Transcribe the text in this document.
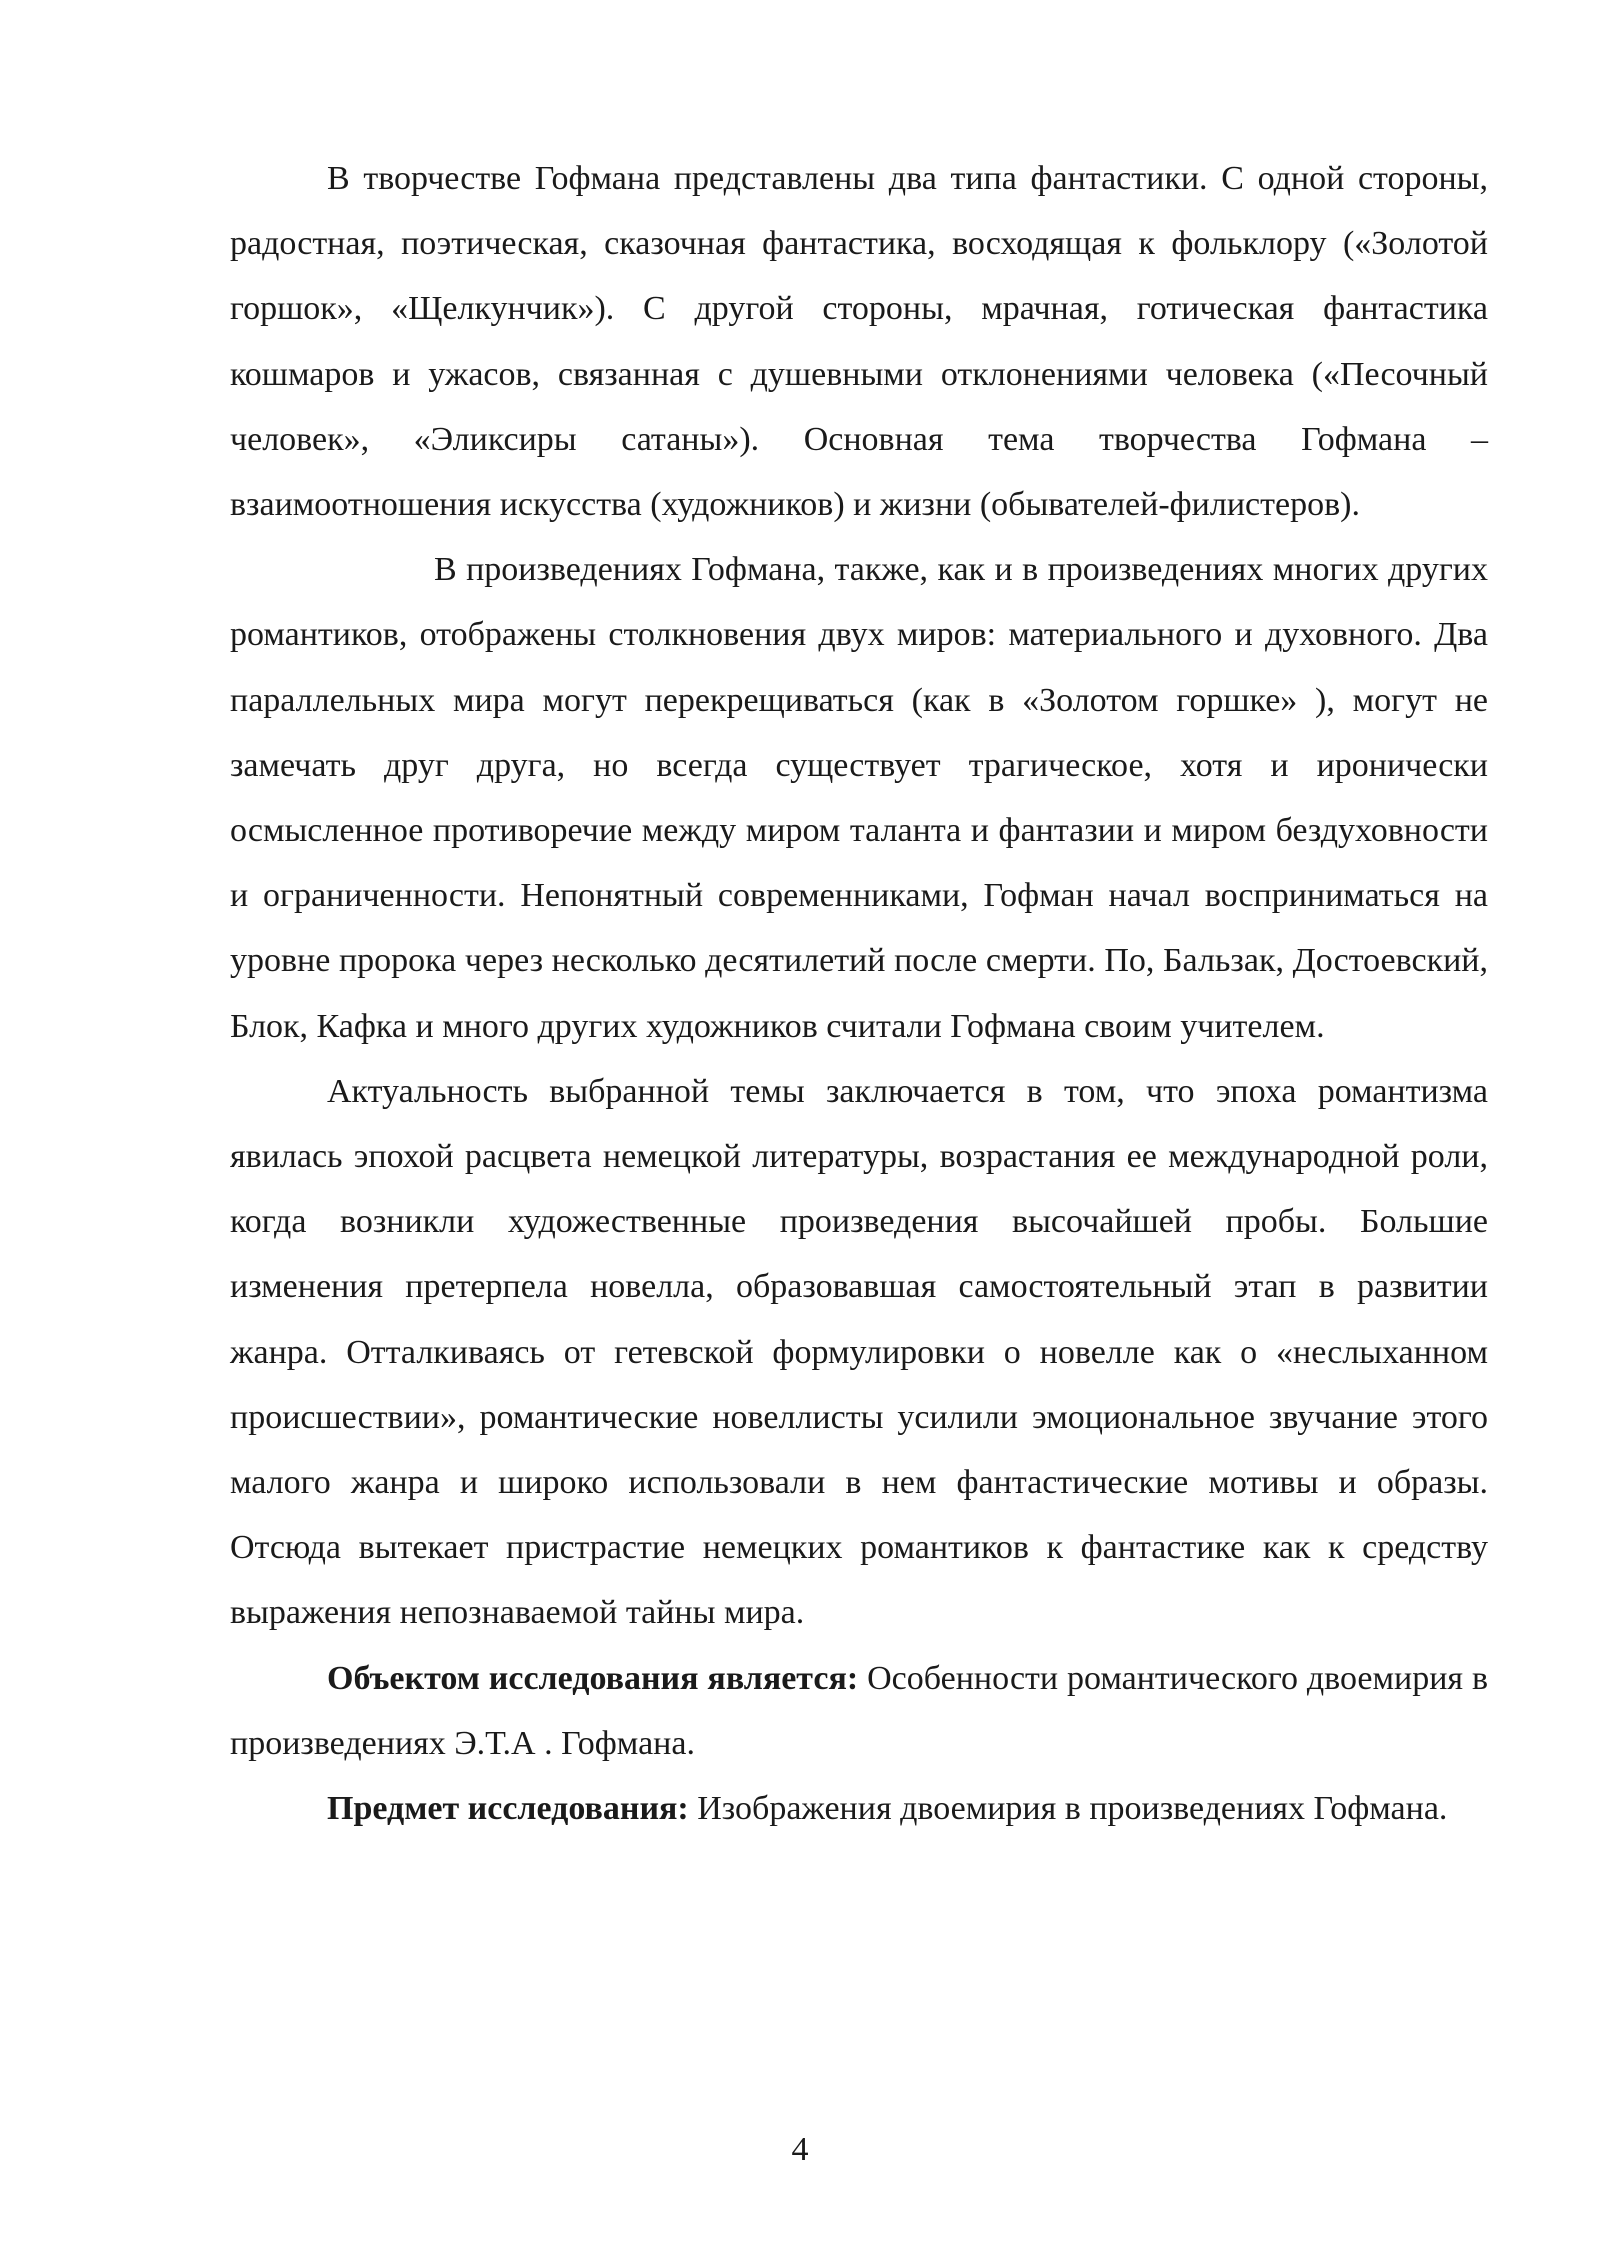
В творчестве Гофмана представлены два типа фантастики. С одной стороны, радостная, поэтическая, сказочная фантастика, восходящая к фольклору («Золотой горшок», «Щелкунчик»). С другой стороны, мрачная, готическая фантастика кошмаров и ужасов, связанная с душевными отклонениями человека («Песочный человек», «Эликсиры сатаны»). Основная тема творчества Гофмана – взаимоотношения искусства (художников) и жизни (обывателей-филистеров).

В произведениях Гофмана, также, как и в произведениях многих других романтиков, отображены столкновения двух миров: материального и духовного. Два параллельных мира могут перекрещиваться (как в «Золотом горшке» ), могут не замечать друг друга, но всегда существует трагическое, хотя и иронически осмысленное противоречие между миром таланта и фантазии и миром бездуховности и ограниченности. Непонятный современниками, Гофман начал восприниматься на уровне пророка через несколько десятилетий после смерти. По, Бальзак, Достоевский, Блок, Кафка и много других художников считали Гофмана своим учителем.

Актуальность выбранной темы заключается в том, что эпоха романтизма явилась эпохой расцвета немецкой литературы, возрастания ее международной роли, когда возникли художественные произведения высочайшей пробы. Большие изменения претерпела новелла, образовавшая самостоятельный этап в развитии жанра. Отталкиваясь от гетевской формулировки о новелле как о «неслыханном происшествии», романтические новеллисты усилили эмоциональное звучание этого малого жанра и широко использовали в нем фантастические мотивы и образы. Отсюда вытекает пристрастие немецких романтиков к фантастике как к средству выражения непознаваемой тайны мира.

Объектом исследования является: Особенности романтического двоемирия в произведениях Э.Т.А . Гофмана.

Предмет исследования: Изображения двоемирия в произведениях Гофмана.

4
